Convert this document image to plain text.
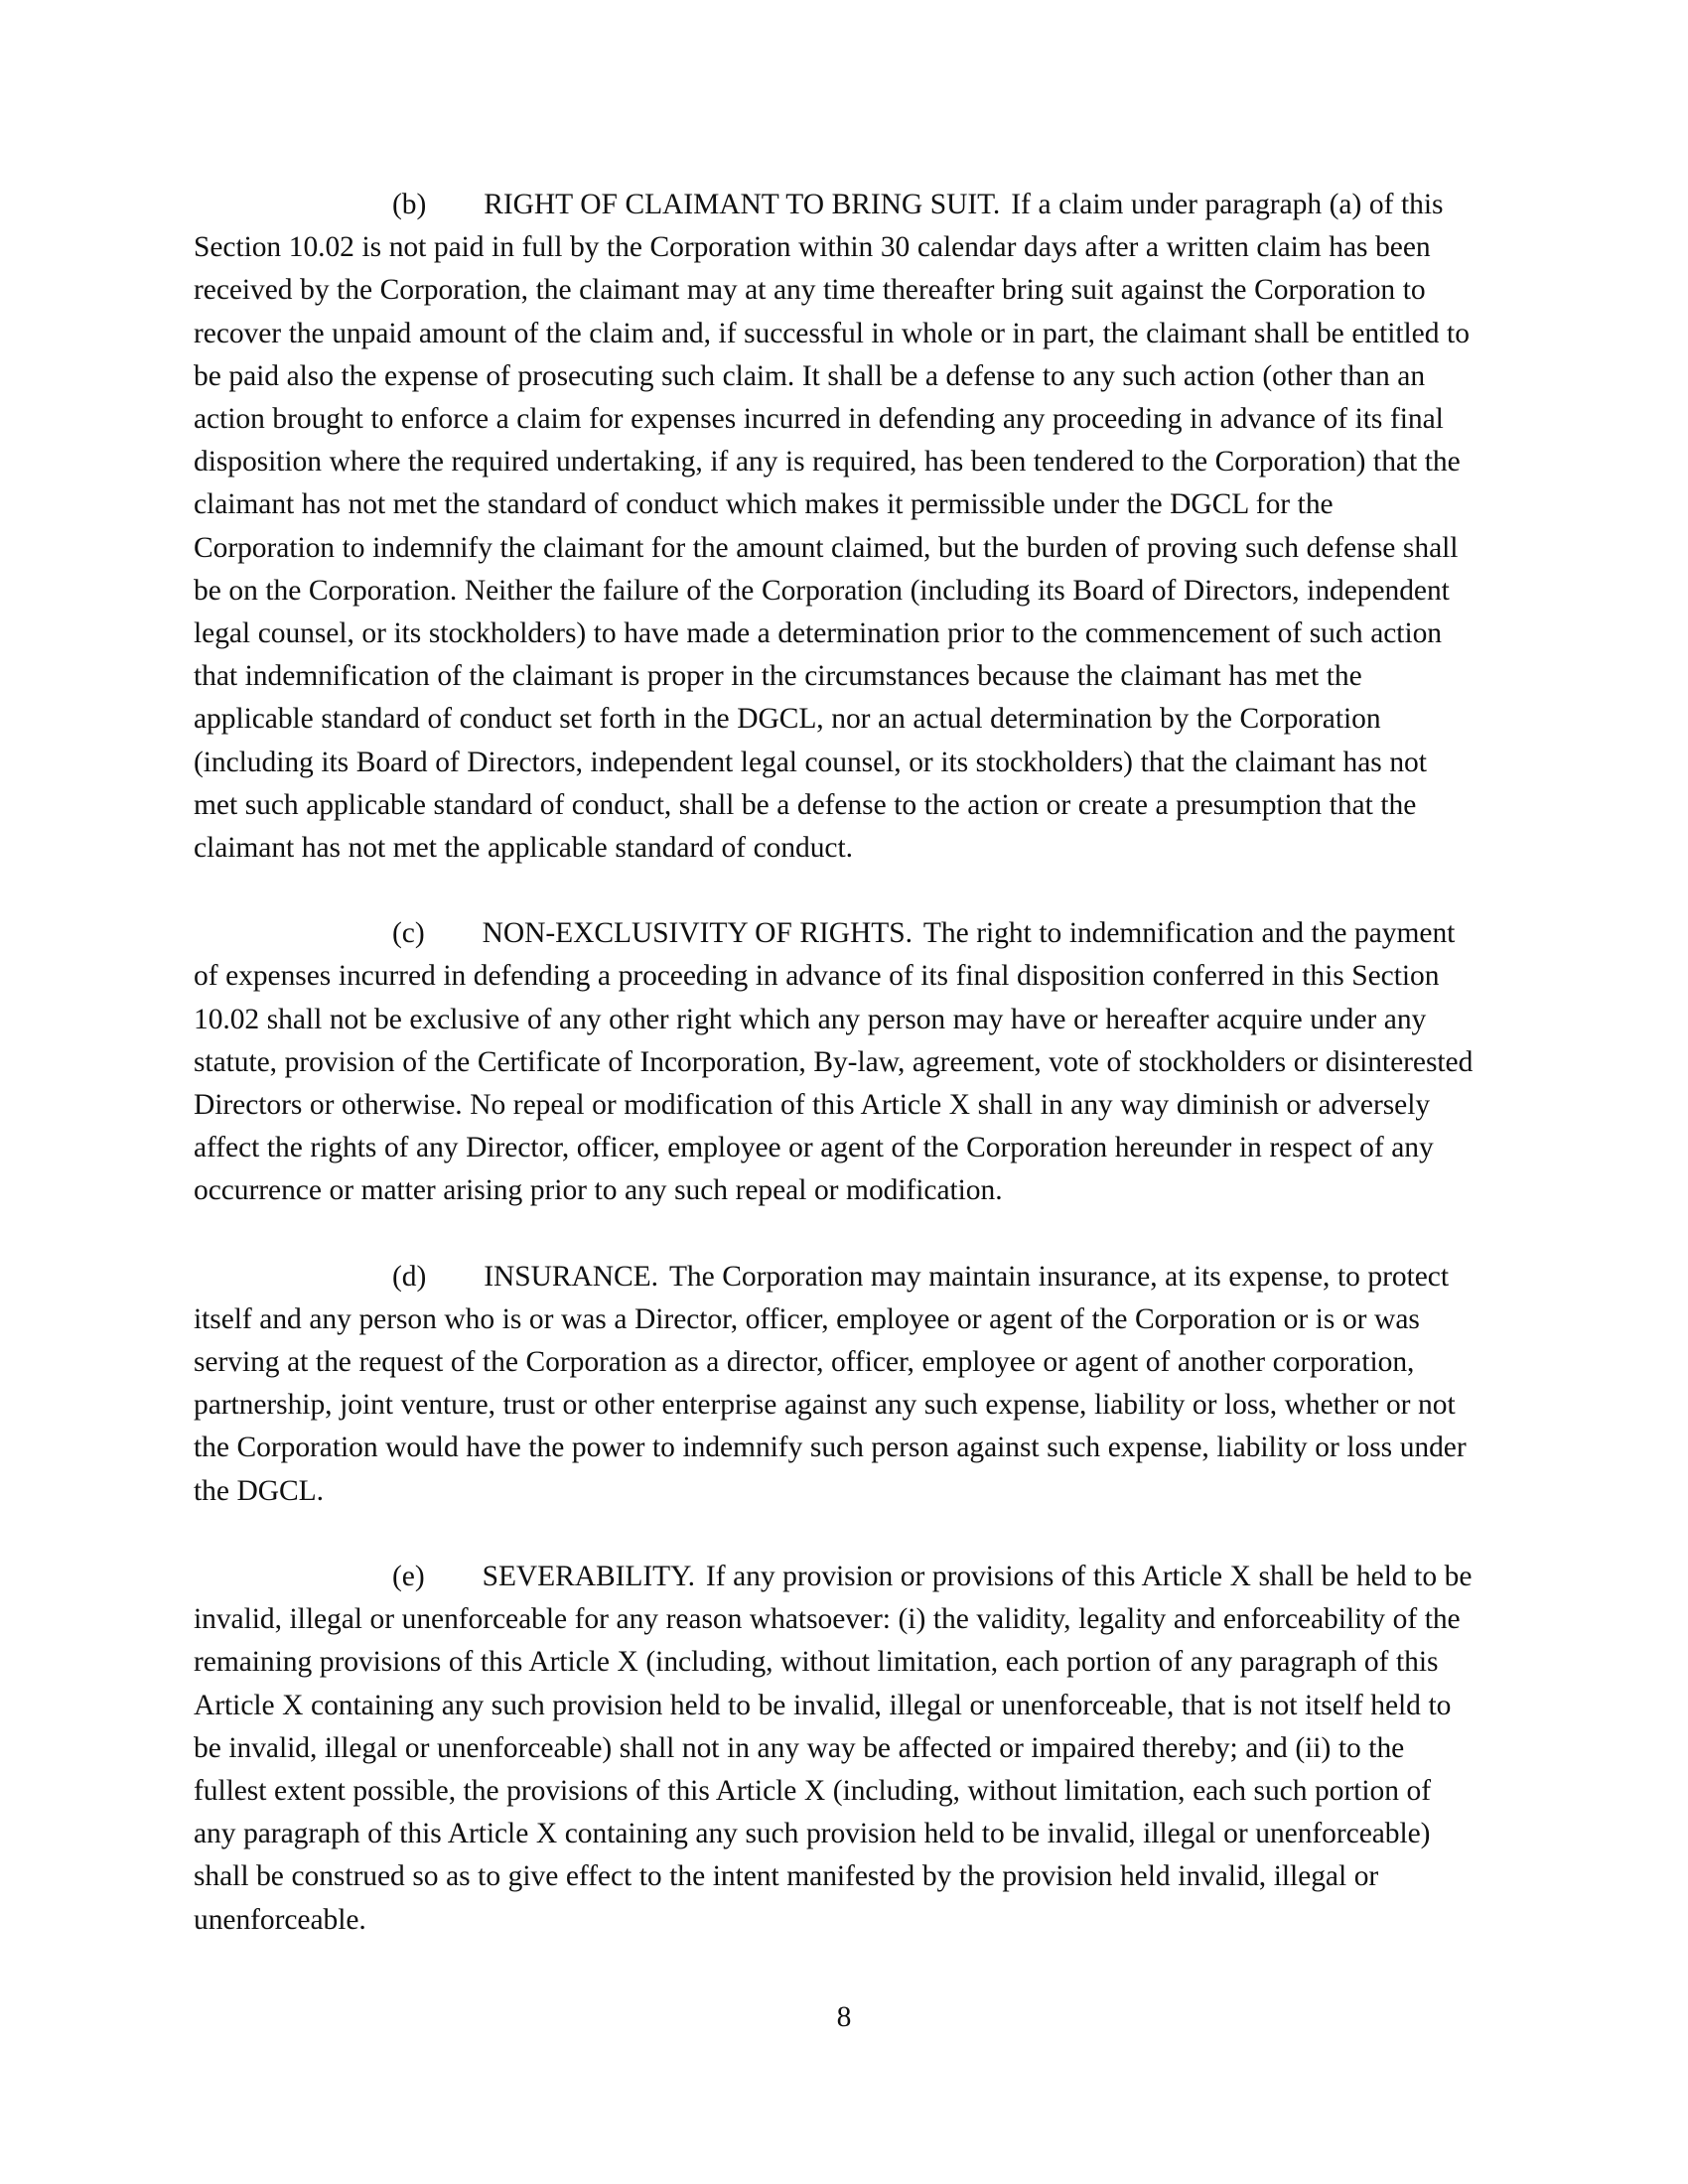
(b) RIGHT OF CLAIMANT TO BRING SUIT. If a claim under paragraph (a) of this Section 10.02 is not paid in full by the Corporation within 30 calendar days after a written claim has been received by the Corporation, the claimant may at any time thereafter bring suit against the Corporation to recover the unpaid amount of the claim and, if successful in whole or in part, the claimant shall be entitled to be paid also the expense of prosecuting such claim. It shall be a defense to any such action (other than an action brought to enforce a claim for expenses incurred in defending any proceeding in advance of its final disposition where the required undertaking, if any is required, has been tendered to the Corporation) that the claimant has not met the standard of conduct which makes it permissible under the DGCL for the Corporation to indemnify the claimant for the amount claimed, but the burden of proving such defense shall be on the Corporation. Neither the failure of the Corporation (including its Board of Directors, independent legal counsel, or its stockholders) to have made a determination prior to the commencement of such action that indemnification of the claimant is proper in the circumstances because the claimant has met the applicable standard of conduct set forth in the DGCL, nor an actual determination by the Corporation (including its Board of Directors, independent legal counsel, or its stockholders) that the claimant has not met such applicable standard of conduct, shall be a defense to the action or create a presumption that the claimant has not met the applicable standard of conduct.

(c) NON-EXCLUSIVITY OF RIGHTS. The right to indemnification and the payment of expenses incurred in defending a proceeding in advance of its final disposition conferred in this Section 10.02 shall not be exclusive of any other right which any person may have or hereafter acquire under any statute, provision of the Certificate of Incorporation, By-law, agreement, vote of stockholders or disinterested Directors or otherwise. No repeal or modification of this Article X shall in any way diminish or adversely affect the rights of any Director, officer, employee or agent of the Corporation hereunder in respect of any occurrence or matter arising prior to any such repeal or modification.

(d) INSURANCE. The Corporation may maintain insurance, at its expense, to protect itself and any person who is or was a Director, officer, employee or agent of the Corporation or is or was serving at the request of the Corporation as a director, officer, employee or agent of another corporation, partnership, joint venture, trust or other enterprise against any such expense, liability or loss, whether or not the Corporation would have the power to indemnify such person against such expense, liability or loss under the DGCL.

(e) SEVERABILITY. If any provision or provisions of this Article X shall be held to be invalid, illegal or unenforceable for any reason whatsoever: (i) the validity, legality and enforceability of the remaining provisions of this Article X (including, without limitation, each portion of any paragraph of this Article X containing any such provision held to be invalid, illegal or unenforceable, that is not itself held to be invalid, illegal or unenforceable) shall not in any way be affected or impaired thereby; and (ii) to the fullest extent possible, the provisions of this Article X (including, without limitation, each such portion of any paragraph of this Article X containing any such provision held to be invalid, illegal or unenforceable) shall be construed so as to give effect to the intent manifested by the provision held invalid, illegal or unenforceable.

8
